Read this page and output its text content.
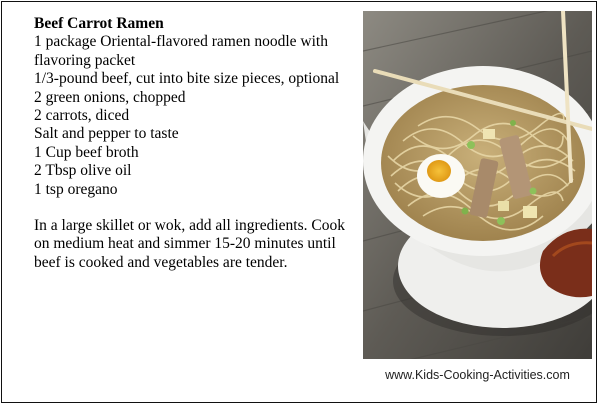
Beef Carrot Ramen
1 package Oriental-flavored ramen noodle with flavoring packet
1/3-pound beef, cut into bite size pieces, optional
2 green onions, chopped
2 carrots, diced
Salt and pepper to taste
1 Cup beef broth
2 Tbsp olive oil
1 tsp oregano
In a large skillet or wok, add all ingredients. Cook on medium heat and simmer 15-20 minutes until beef is cooked and vegetables are tender.
www.Kids-Cooking-Activities.com
